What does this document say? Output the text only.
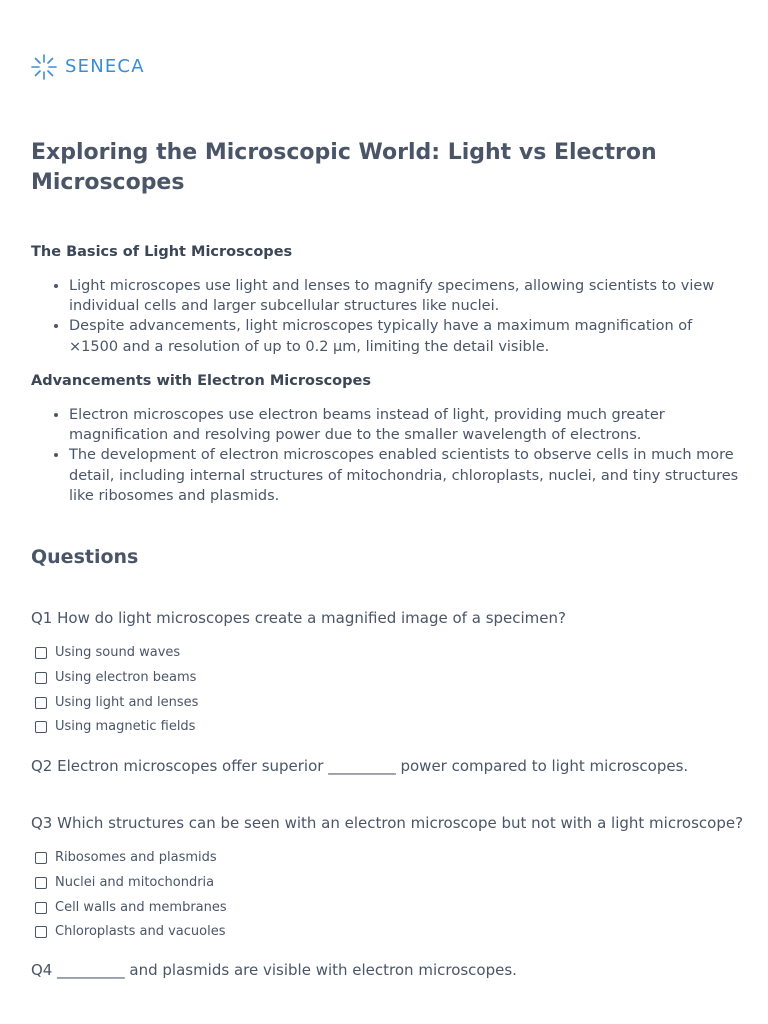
SENECA
Exploring the Microscopic World: Light vs Electron Microscopes
The Basics of Light Microscopes
• Light microscopes use light and lenses to magnify specimens, allowing scientists to view individual cells and larger subcellular structures like nuclei.
• Despite advancements, light microscopes typically have a maximum magnification of ×1500 and a resolution of up to 0.2 μm, limiting the detail visible.
Advancements with Electron Microscopes
• Electron microscopes use electron beams instead of light, providing much greater magnification and resolving power due to the smaller wavelength of electrons.
• The development of electron microscopes enabled scientists to observe cells in much more detail, including internal structures of mitochondria, chloroplasts, nuclei, and tiny structures like ribosomes and plasmids.
Questions

Q1 How do light microscopes create a magnified image of a specimen?

Using sound waves
Using electron beams
Using light and lenses
Using magnetic fields

Q2 Electron microscopes offer superior _________ power compared to light microscopes.

Q3 Which structures can be seen with an electron microscope but not with a light microscope?

Ribosomes and plasmids
Nuclei and mitochondria
Cell walls and membranes
Chloroplasts and vacuoles

Q4 _________ and plasmids are visible with electron microscopes.
